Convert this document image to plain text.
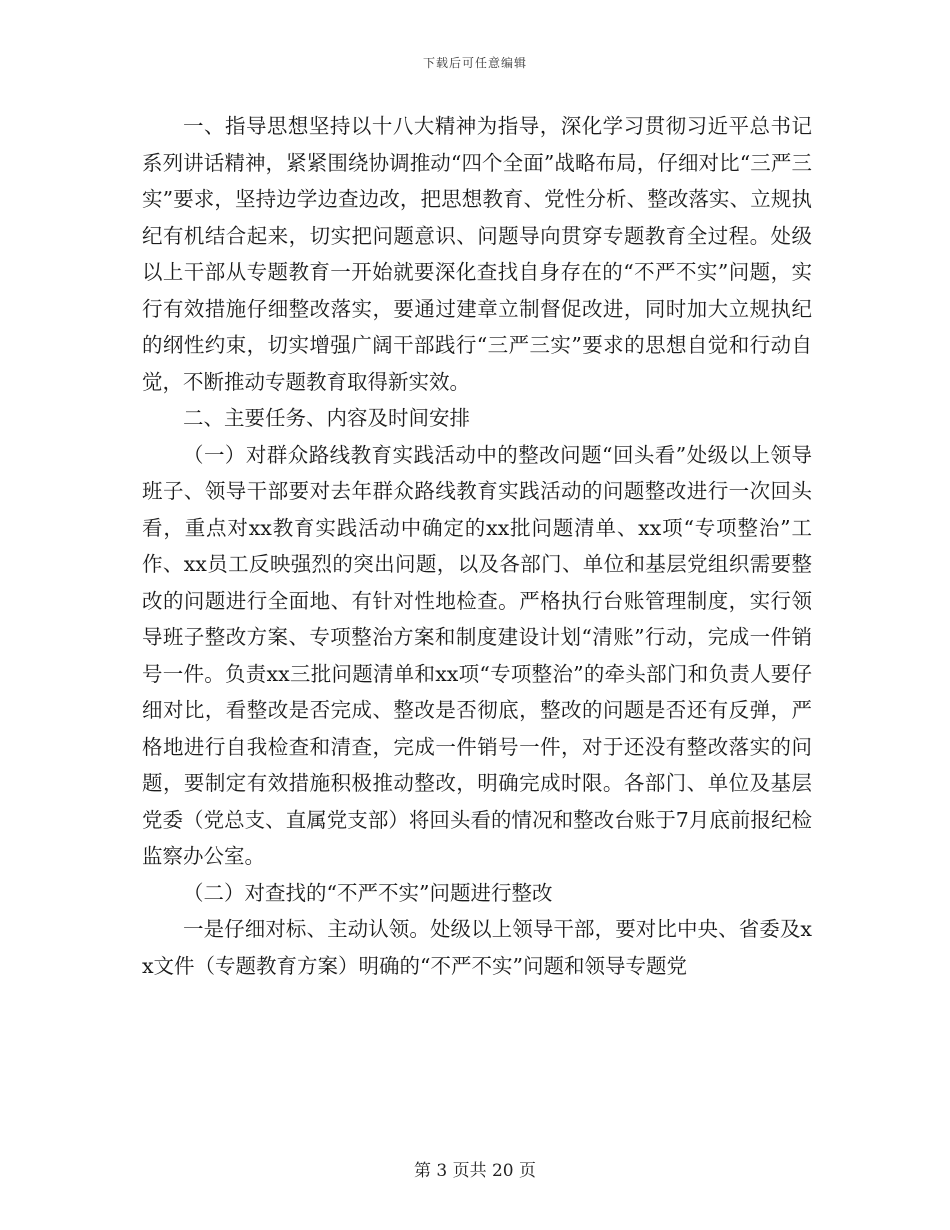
下载后可任意编辑

一、指导思想坚持以十八大精神为指导，深化学习贯彻习近平总书记系列讲话精神，紧紧围绕协调推动“四个全面”战略布局，仔细对比“三严三实”要求，坚持边学边查边改，把思想教育、党性分析、整改落实、立规执纪有机结合起来，切实把问题意识、问题导向贯穿专题教育全过程。处级以上干部从专题教育一开始就要深化查找自身存在的“不严不实”问题，实行有效措施仔细整改落实，要通过建章立制督促改进，同时加大立规执纪的纲性约束，切实增强广阔干部践行“三严三实”要求的思想自觉和行动自觉，不断推动专题教育取得新实效。

二、主要任务、内容及时间安排

（一）对群众路线教育实践活动中的整改问题“回头看”处级以上领导班子、领导干部要对去年群众路线教育实践活动的问题整改进行一次回头看，重点对xx教育实践活动中确定的xx批问题清单、xx项“专项整治”工作、xx员工反映强烈的突出问题，以及各部门、单位和基层党组织需要整改的问题进行全面地、有针对性地检查。严格执行台账管理制度，实行领导班子整改方案、专项整治方案和制度建设计划“清账”行动，完成一件销号一件。负责xx三批问题清单和xx项“专项整治”的牵头部门和负责人要仔细对比，看整改是否完成、整改是否彻底，整改的问题是否还有反弹，严格地进行自我检查和清查，完成一件销号一件，对于还没有整改落实的问题，要制定有效措施积极推动整改，明确完成时限。各部门、单位及基层党委（党总支、直属党支部）将回头看的情况和整改台账于7月底前报纪检监察办公室。

（二）对查找的“不严不实”问题进行整改

一是仔细对标、主动认领。处级以上领导干部，要对比中央、省委及xx文件（专题教育方案）明确的“不严不实”问题和领导专题党

第 3 页共 20 页
